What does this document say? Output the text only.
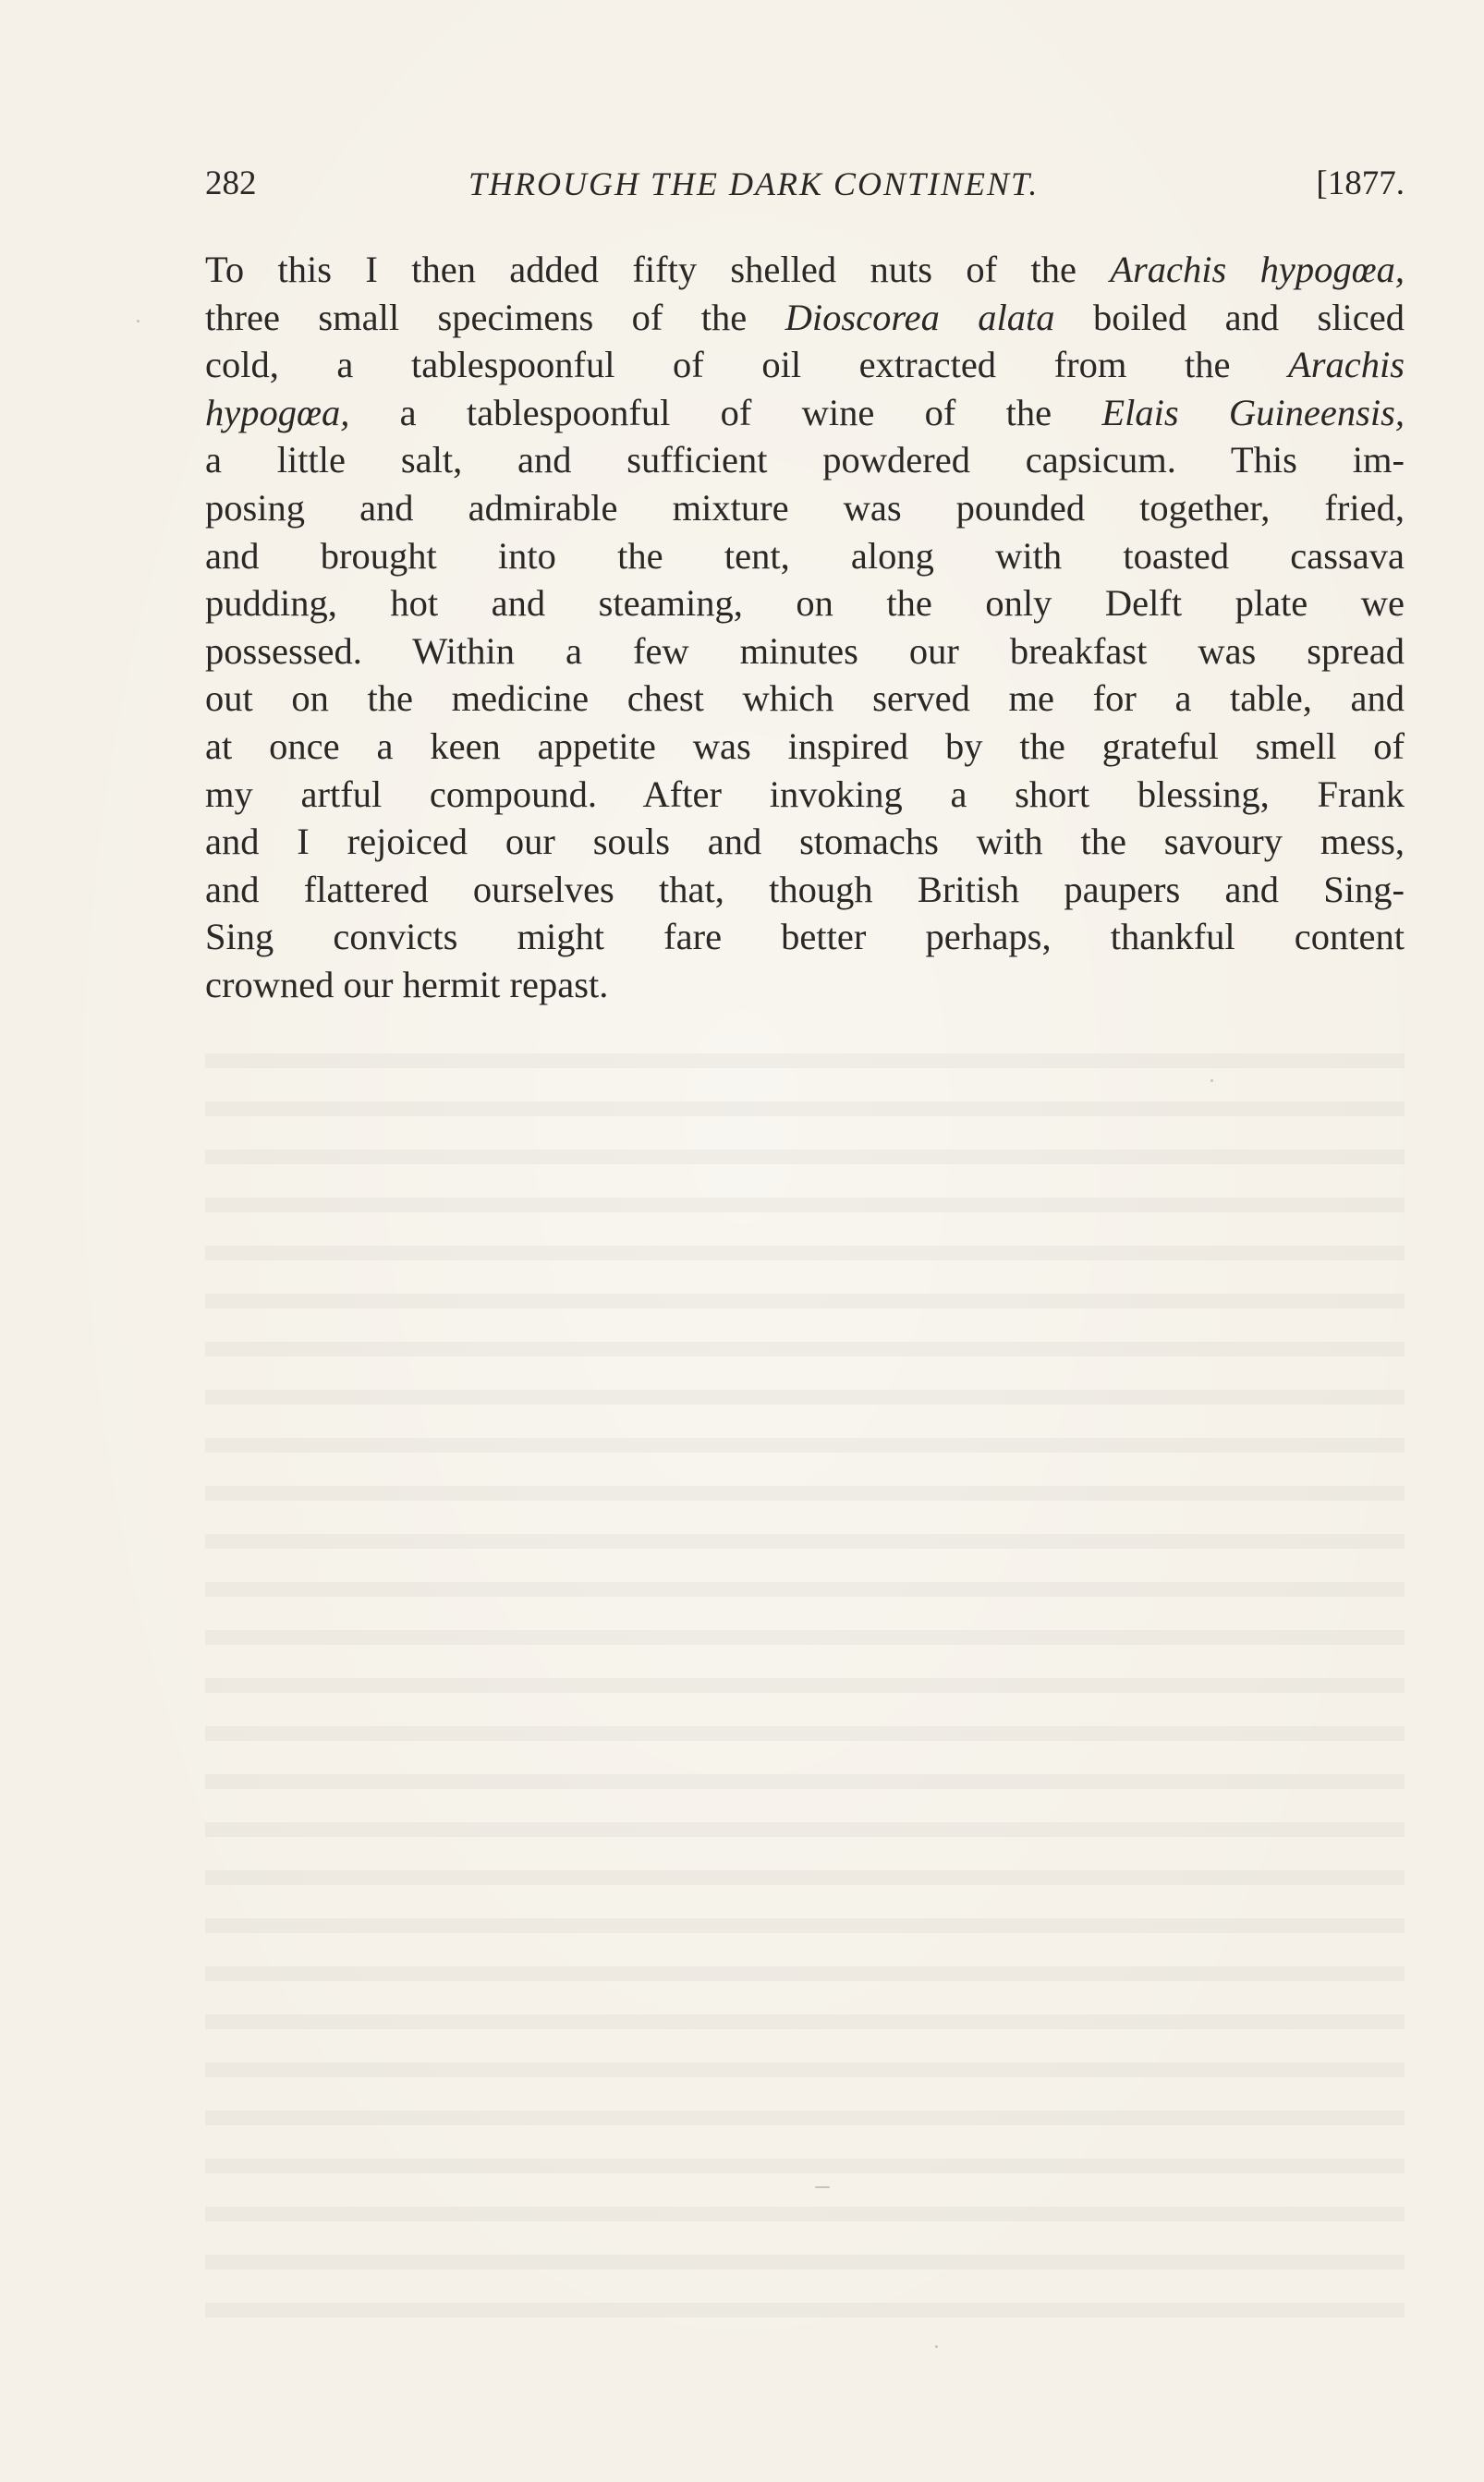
282	THROUGH THE DARK CONTINENT.	[1877.
To this I then added fifty shelled nuts of the Arachis hypogœa,
three small specimens of the Dioscorea alata boiled and sliced
cold, a tablespoonful of oil extracted from the Arachis
hypogœa, a tablespoonful of wine of the Elais Guineensis,
a little salt, and sufficient powdered capsicum. This im-
posing and admirable mixture was pounded together, fried,
and brought into the tent, along with toasted cassava
pudding, hot and steaming, on the only Delft plate we
possessed. Within a few minutes our breakfast was spread
out on the medicine chest which served me for a table, and
at once a keen appetite was inspired by the grateful smell of
my artful compound. After invoking a short blessing, Frank
and I rejoiced our souls and stomachs with the savoury mess,
and flattered ourselves that, though British paupers and Sing-
Sing convicts might fare better perhaps, thankful content
crowned our hermit repast.
